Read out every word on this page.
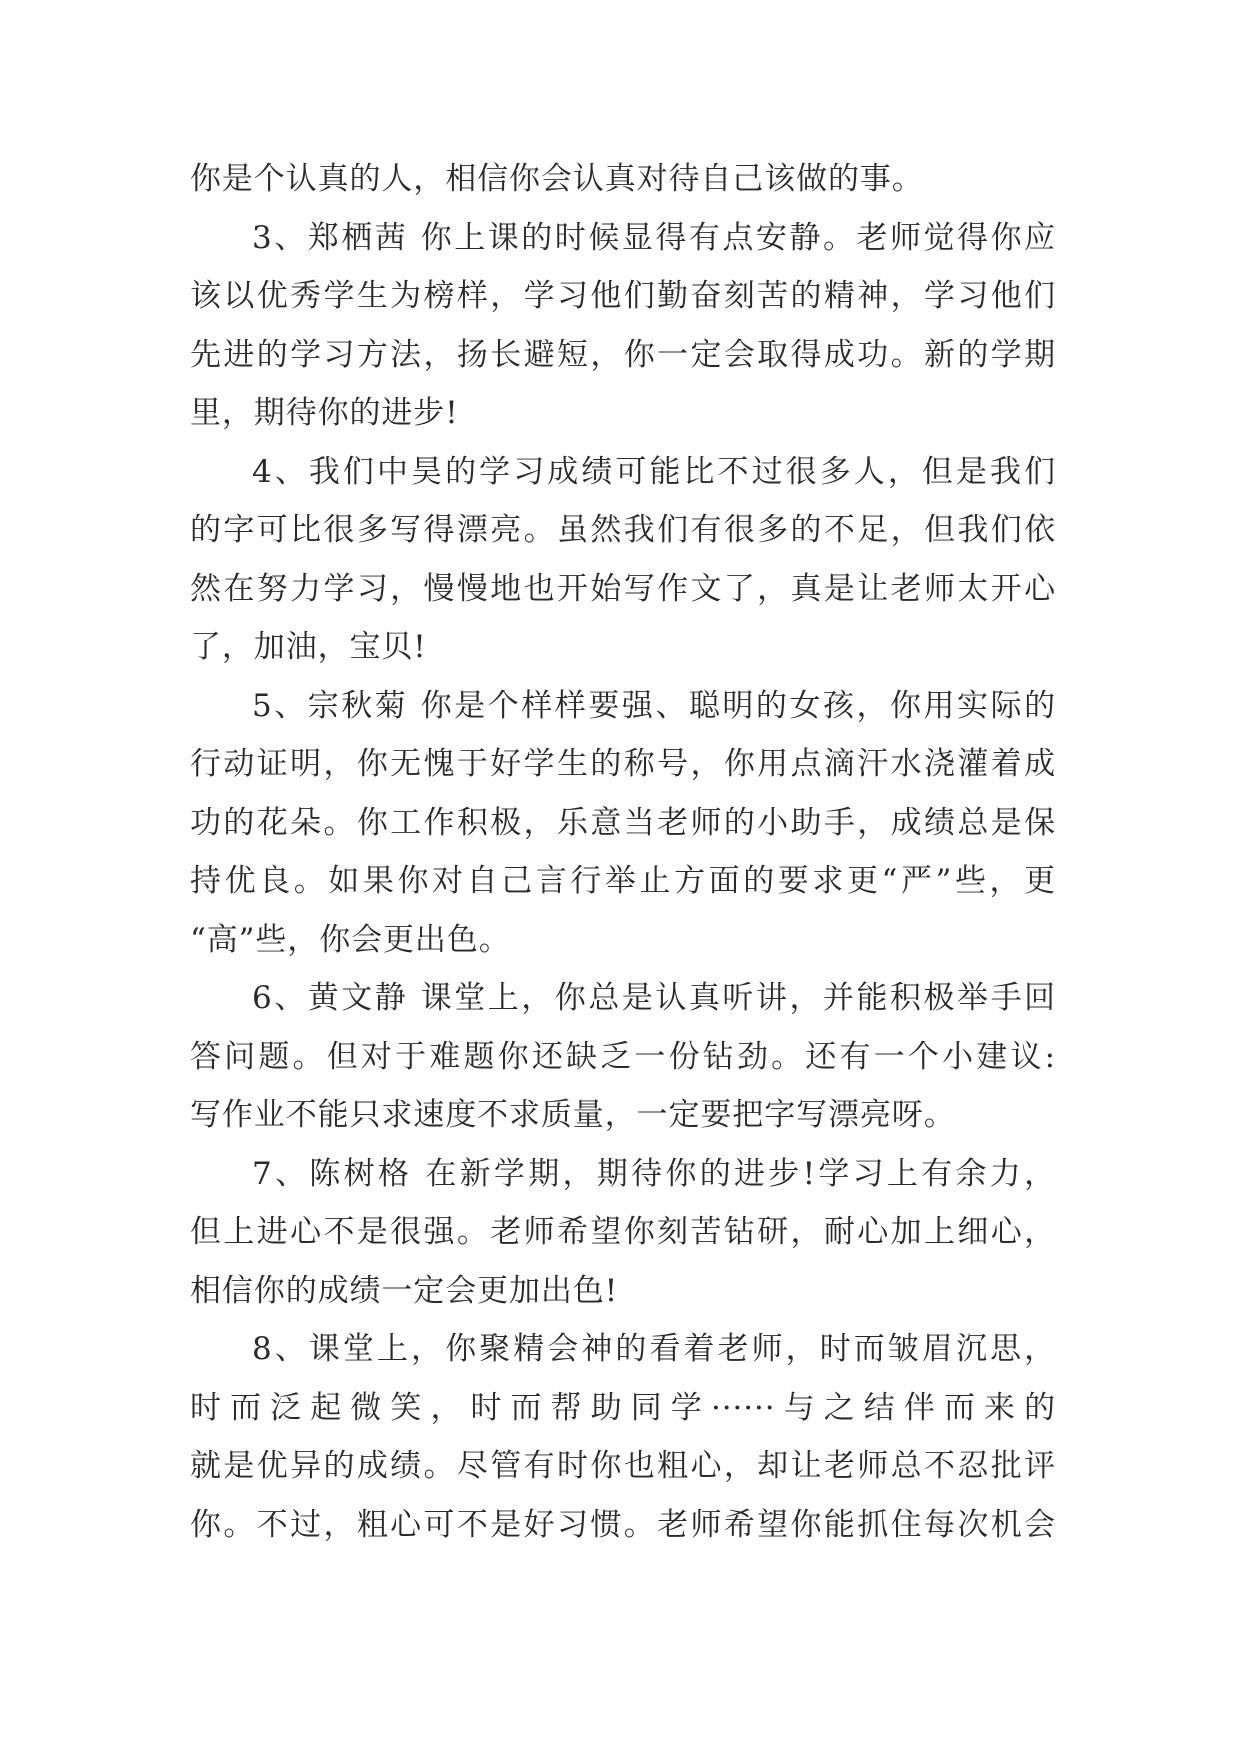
你是个认真的人，相信你会认真对待自己该做的事。
3、郑栖茜 你上课的时候显得有点安静。老师觉得你应
该以优秀学生为榜样，学习他们勤奋刻苦的精神，学习他们
先进的学习方法，扬长避短，你一定会取得成功。新的学期
里，期待你的进步!
4、我们中昊的学习成绩可能比不过很多人，但是我们
的字可比很多写得漂亮。虽然我们有很多的不足，但我们依
然在努力学习，慢慢地也开始写作文了，真是让老师太开心
了，加油，宝贝!
5、宗秋菊 你是个样样要强、聪明的女孩，你用实际的
行动证明，你无愧于好学生的称号，你用点滴汗水浇灌着成
功的花朵。你工作积极，乐意当老师的小助手，成绩总是保
持优良。如果你对自己言行举止方面的要求更“严”些，更
“高”些，你会更出色。
6、黄文静 课堂上，你总是认真听讲，并能积极举手回
答问题。但对于难题你还缺乏一份钻劲。还有一个小建议:
写作业不能只求速度不求质量，一定要把字写漂亮呀。
7、陈树格 在新学期，期待你的进步!学习上有余力，
但上进心不是很强。老师希望你刻苦钻研，耐心加上细心，
相信你的成绩一定会更加出色!
8、课堂上，你聚精会神的看着老师，时而皱眉沉思，
时而泛起微笑，时而帮助同学······与之结伴而来的
就是优异的成绩。尽管有时你也粗心，却让老师总不忍批评
你。不过，粗心可不是好习惯。老师希望你能抓住每次机会
